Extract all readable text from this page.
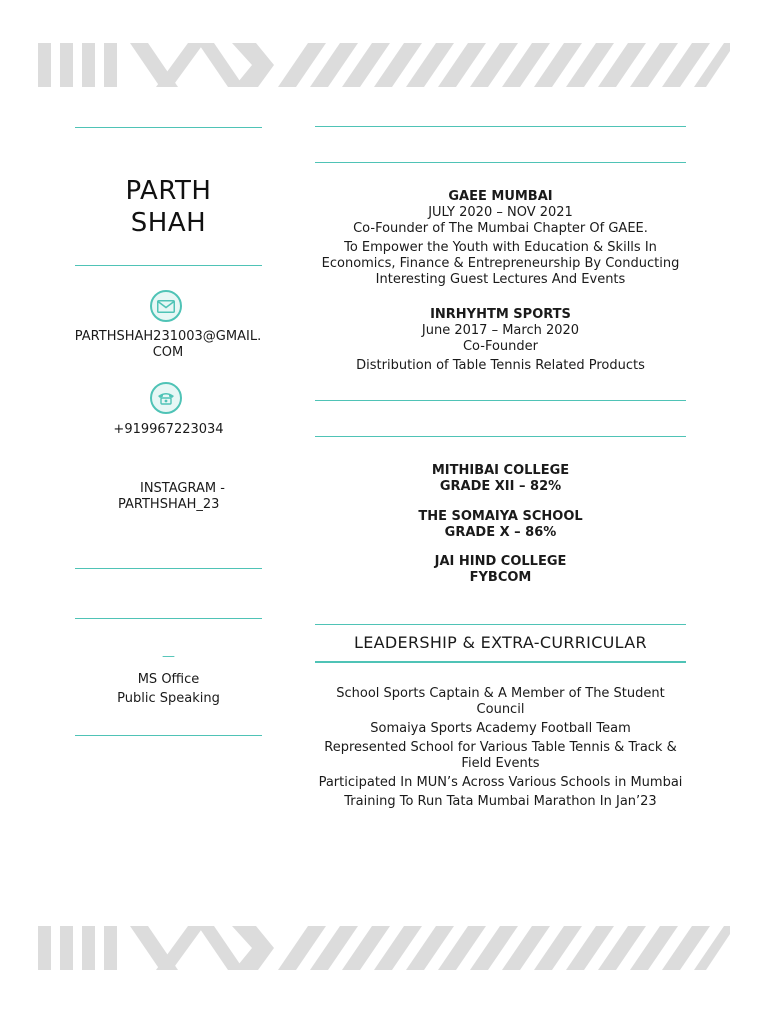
PARTH
SHAH
PARTHSHAH231003@GMAIL.COM
+919967223034
INSTAGRAM - PARTHSHAH_23
—
MS Office
Public Speaking
GAEE MUMBAI
JULY 2020 – NOV 2021
Co-Founder of The Mumbai Chapter Of GAEE.
To Empower the Youth with Education & Skills In Economics, Finance & Entrepreneurship By Conducting Interesting Guest Lectures And Events
INRHYHTM SPORTS
June 2017 – March 2020
Co-Founder
Distribution of Table Tennis Related Products
MITHIBAI COLLEGE
GRADE XII – 82%
THE SOMAIYA SCHOOL
GRADE X – 86%
JAI HIND COLLEGE
FYBCOM
LEADERSHIP & EXTRA-CURRICULAR
School Sports Captain & A Member of The Student Council
Somaiya Sports Academy Football Team
Represented School for Various Table Tennis & Track & Field Events
Participated In MUN’s Across Various Schools in Mumbai
Training To Run Tata Mumbai Marathon In Jan’23
